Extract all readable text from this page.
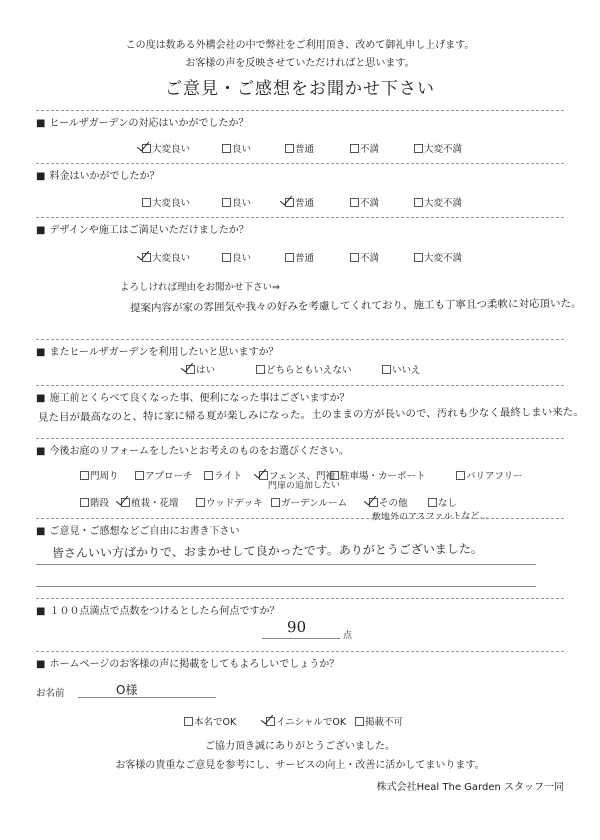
この度は数ある外構会社の中で弊社をご利用頂き、改めて御礼申し上げます。
お客様の声を反映させていただければと思います。
ご意見・ご感想をお聞かせ下さい
■ ヒールザガーデンの対応はいかがでしたか？
大変良い	良い	普通	不満	大変不満
■ 料金はいかがでしたか？
大変良い	良い	普通	不満	大変不満
■ デザインや施工はご満足いただけましたか？
大変良い	良い	普通	不満	大変不満
よろしければ理由をお聞かせ下さい⇒
提案内容が家の雰囲気や我々の好みを考慮してくれており、施工も丁寧且つ柔軟に対応頂いた。
■ またヒールザガーデンを利用したいと思いますか？
はい	どちらともいえない	いいえ
■ 施工前とくらべて良くなった事、便利になった事はございますか？
見た目が最高なのと、特に家に帰る夏が楽しみになった。土のままの方が長いので、汚れも少なく最終しまい来た。
■ 今後お庭のリフォームをしたいとお考えのものをお選びください。
門周り	アプローチ ライト	フェンス、門袖 駐車場・カーポート	バリアフリー
階段 植栽・花壇	ウッドデッキ ガーデンルーム	その他	なし
門扉の追加したい
敷地外のアスファルトなど…
■ ご意見・ご感想などご自由にお書き下さい
皆さんいい方ばかりで、おまかせして良かったです。ありがとうございました。
■ １００点満点で点数をつけるとしたら何点ですか？
90	点
■ ホームページのお客様の声に掲載をしてもよろしいでしょうか？
お名前	O様
本名でOK	イニシャルでOK 掲載不可
ご協力頂き誠にありがとうございました。
お客様の貴重なご意見を参考にし、サービスの向上・改善に活かしてまいります。
株式会社Heal The Garden スタッフ一同
